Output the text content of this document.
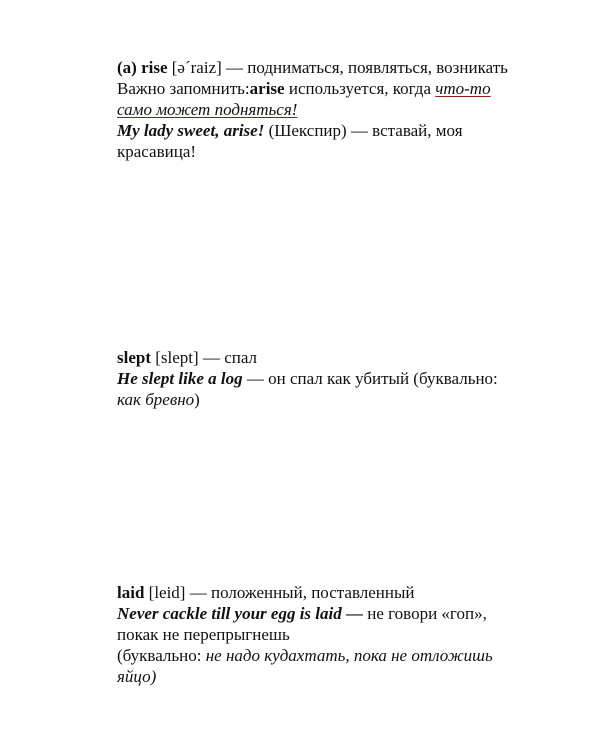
(a) rise [əˊraiz] — подниматься, появляться, возникать

Важно запомнить:arise используется, когда что-то само может подняться!

My lady sweet, arise! (Шекспир) — вставай, моя красавица!

slept [slept] — спал

He slept like a log — он спал как убитый (буквально: как бревно)

laid [leid] — положенный, поставленный

Never cackle till your egg is laid — не говори «гоп», покак не перепрыгнешь

(буквально: не надо кудахтать, пока не отложишь яйцо)
